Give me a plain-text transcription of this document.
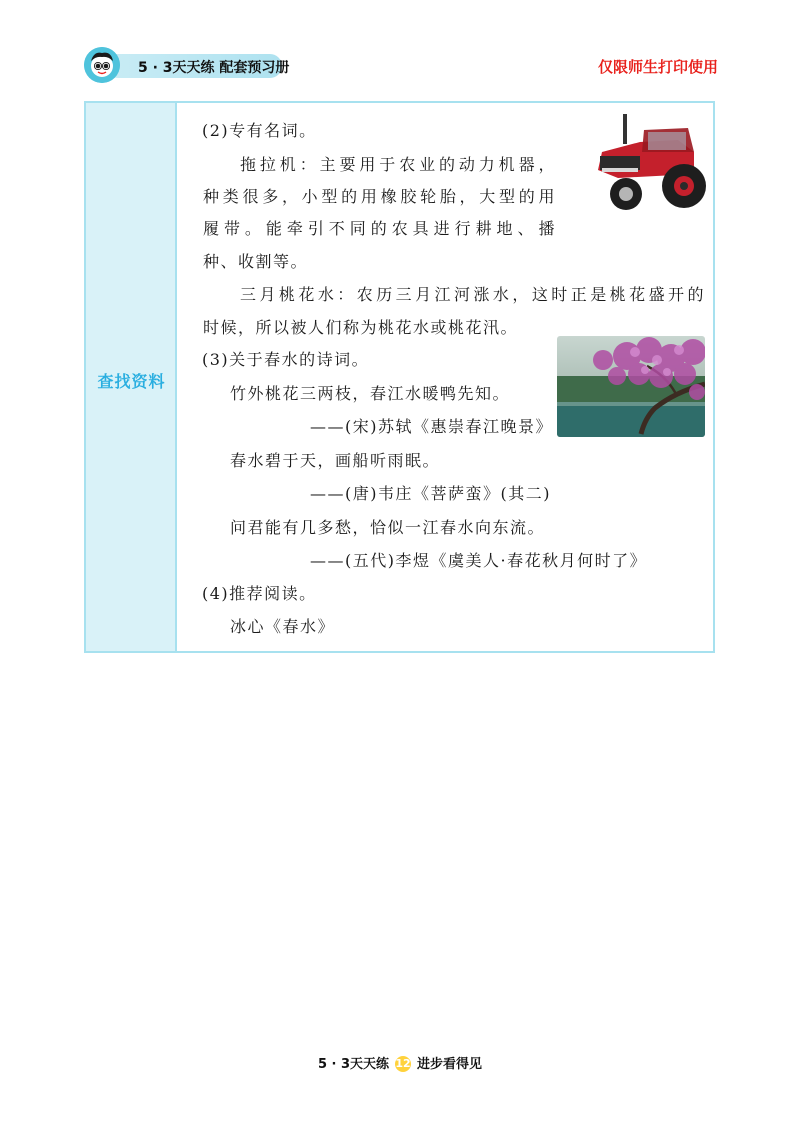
5 · 3天天练 配套预习册	仅限师生打印使用
查找资料
(2)专有名词。
拖拉机：主要用于农业的动力机器，
种类很多，小型的用橡胶轮胎，大型的用
履带。能牵引不同的农具进行耕地、播
种、收割等。
三月桃花水：农历三月江河涨水，这时正是桃花盛开的
时候，所以被人们称为桃花水或桃花汛。
(3)关于春水的诗词。
竹外桃花三两枝，春江水暖鸭先知。
——(宋)苏轼《惠崇春江晚景》
春水碧于天，画船听雨眠。
——(唐)韦庄《菩萨蛮》(其二)
问君能有几多愁，恰似一江春水向东流。
——(五代)李煜《虞美人·春花秋月何时了》
(4)推荐阅读。
冰心《春水》
5 · 3天天练 12 进步看得见
